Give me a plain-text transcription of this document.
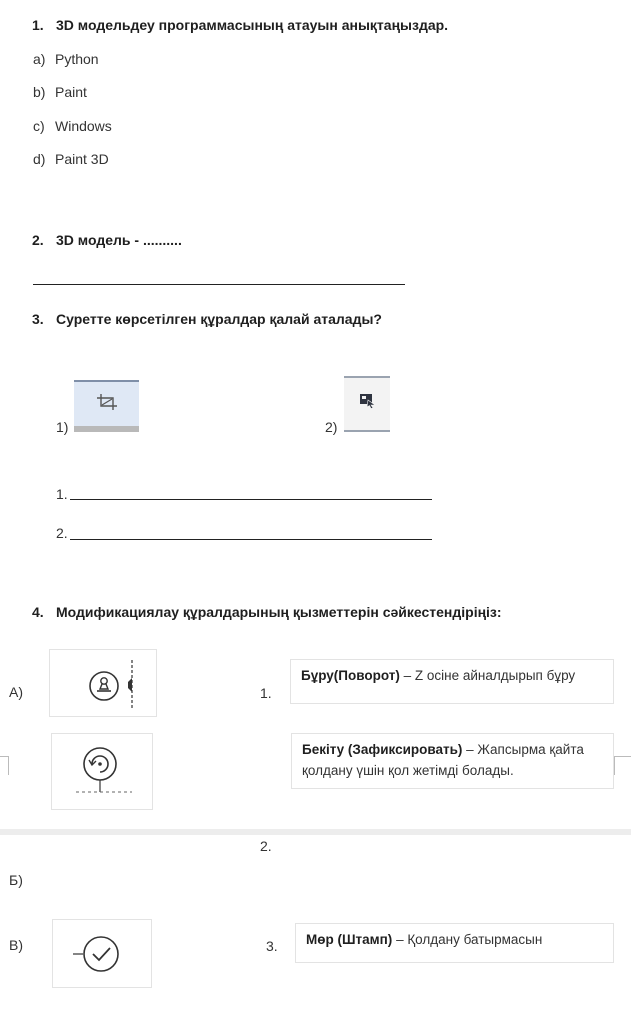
1. 3D модельдеу программасының атауын анықтаңыздар.
a) Python
b) Paint
c) Windows
d) Paint 3D
2. 3D модель - ..........
3. Суретте көрсетілген құралдар қалай аталады?
1)	2)
1.
2.
4. Модификациялау құралдарының қызметтерін сәйкестендіріңіз:
А)
Б)
В)
1.
2.
3.
Бұру(Поворот) – Z осіне айналдырып бұру
Бекіту (Зафиксировать) – Жапсырма қайта қолдану үшін қол жетімді болады.
Мөр (Штамп) – Қолдану батырмасын
